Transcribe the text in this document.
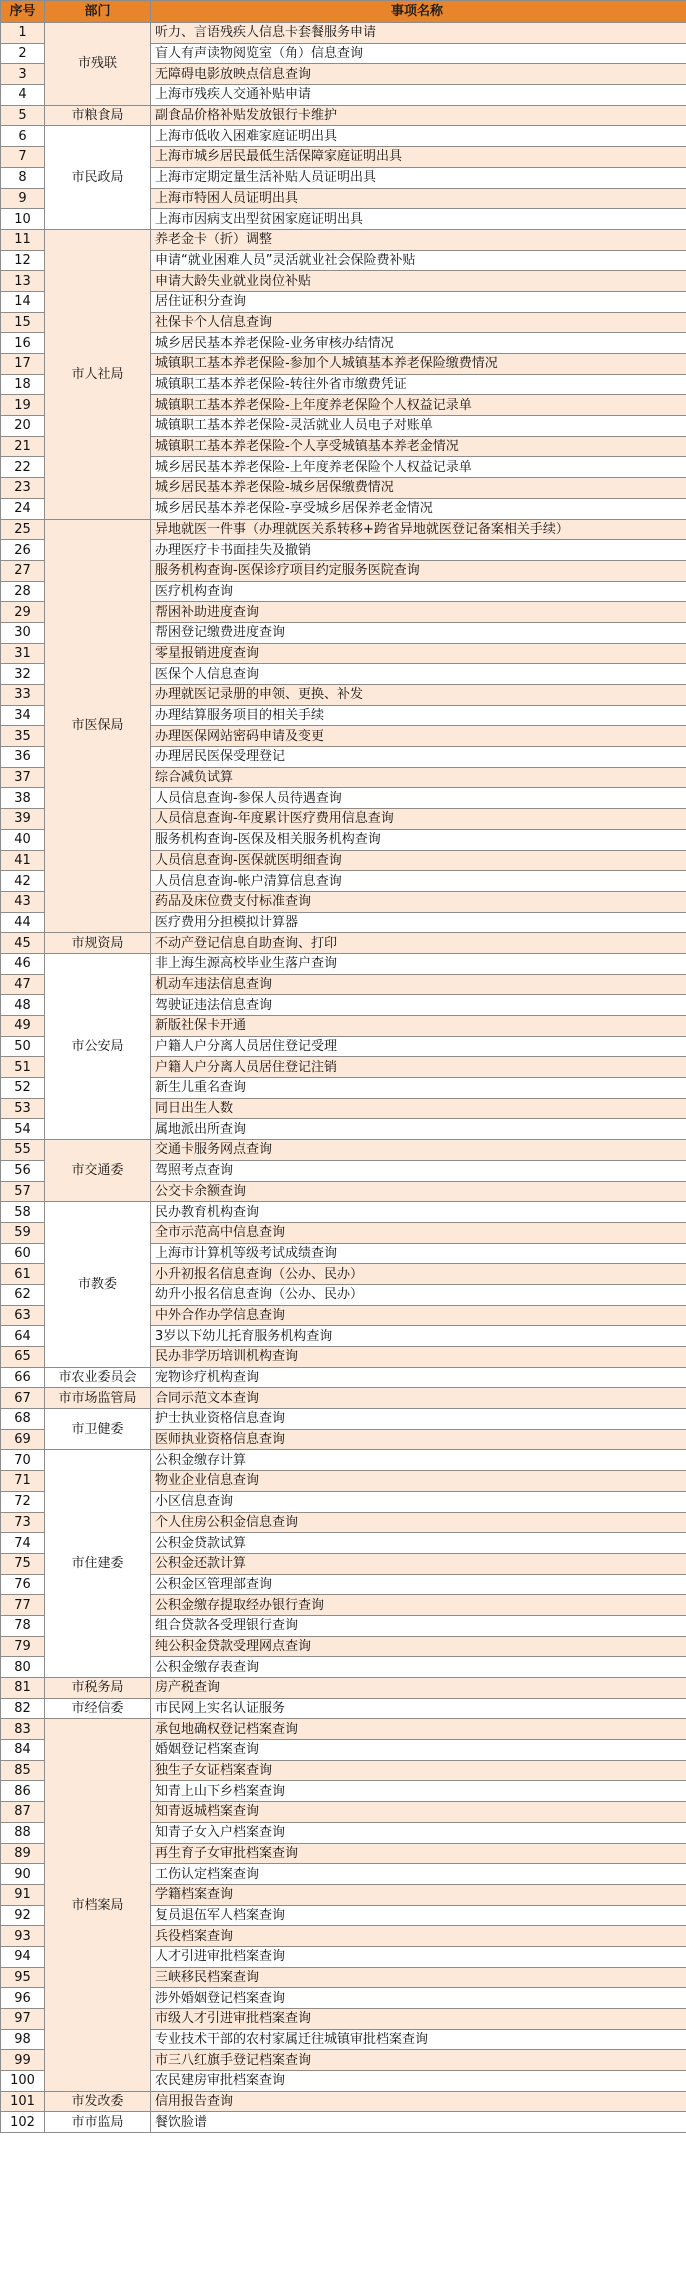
序号	部门	事项名称
1	市残联	听力、言语残疾人信息卡套餐服务申请
2		盲人有声读物阅览室（角）信息查询
3		无障碍电影放映点信息查询
4		上海市残疾人交通补贴申请
5	市粮食局	副食品价格补贴发放银行卡维护
6	市民政局	上海市低收入困难家庭证明出具
7		上海市城乡居民最低生活保障家庭证明出具
8		上海市定期定量生活补贴人员证明出具
9		上海市特困人员证明出具
10		上海市因病支出型贫困家庭证明出具
11	市人社局	养老金卡（折）调整
12		申请“就业困难人员”灵活就业社会保险费补贴
13		申请大龄失业就业岗位补贴
14		居住证积分查询
15		社保卡个人信息查询
16		城乡居民基本养老保险-业务审核办结情况
17		城镇职工基本养老保险-参加个人城镇基本养老保险缴费情况
18		城镇职工基本养老保险-转往外省市缴费凭证
19		城镇职工基本养老保险-上年度养老保险个人权益记录单
20		城镇职工基本养老保险-灵活就业人员电子对账单
21		城镇职工基本养老保险-个人享受城镇基本养老金情况
22		城乡居民基本养老保险-上年度养老保险个人权益记录单
23		城乡居民基本养老保险-城乡居保缴费情况
24		城乡居民基本养老保险-享受城乡居保养老金情况
25	市医保局	异地就医一件事（办理就医关系转移+跨省异地就医登记备案相关手续）
26		办理医疗卡书面挂失及撤销
27		服务机构查询-医保诊疗项目约定服务医院查询
28		医疗机构查询
29		帮困补助进度查询
30		帮困登记缴费进度查询
31		零星报销进度查询
32		医保个人信息查询
33		办理就医记录册的申领、更换、补发
34		办理结算服务项目的相关手续
35		办理医保网站密码申请及变更
36		办理居民医保受理登记
37		综合减负试算
38		人员信息查询-参保人员待遇查询
39		人员信息查询-年度累计医疗费用信息查询
40		服务机构查询-医保及相关服务机构查询
41		人员信息查询-医保就医明细查询
42		人员信息查询-帐户清算信息查询
43		药品及床位费支付标准查询
44		医疗费用分担模拟计算器
45	市规资局	不动产登记信息自助查询、打印
46	市公安局	非上海生源高校毕业生落户查询
47		机动车违法信息查询
48		驾驶证违法信息查询
49		新版社保卡开通
50		户籍人户分离人员居住登记受理
51		户籍人户分离人员居住登记注销
52		新生儿重名查询
53		同日出生人数
54		属地派出所查询
55	市交通委	交通卡服务网点查询
56		驾照考点查询
57		公交卡余额查询
58	市教委	民办教育机构查询
59		全市示范高中信息查询
60		上海市计算机等级考试成绩查询
61		小升初报名信息查询（公办、民办）
62		幼升小报名信息查询（公办、民办）
63		中外合作办学信息查询
64		3岁以下幼儿托育服务机构查询
65		民办非学历培训机构查询
66	市农业委员会	宠物诊疗机构查询
67	市市场监管局	合同示范文本查询
68	市卫健委	护士执业资格信息查询
69		医师执业资格信息查询
70	市住建委	公积金缴存计算
71		物业企业信息查询
72		小区信息查询
73		个人住房公积金信息查询
74		公积金贷款试算
75		公积金还款计算
76		公积金区管理部查询
77		公积金缴存提取经办银行查询
78		组合贷款各受理银行查询
79		纯公积金贷款受理网点查询
80		公积金缴存表查询
81	市税务局	房产税查询
82	市经信委	市民网上实名认证服务
83	市档案局	承包地确权登记档案查询
84		婚姻登记档案查询
85		独生子女证档案查询
86		知青上山下乡档案查询
87		知青返城档案查询
88		知青子女入户档案查询
89		再生育子女审批档案查询
90		工伤认定档案查询
91		学籍档案查询
92		复员退伍军人档案查询
93		兵役档案查询
94		人才引进审批档案查询
95		三峡移民档案查询
96		涉外婚姻登记档案查询
97		市级人才引进审批档案查询
98		专业技术干部的农村家属迁往城镇审批档案查询
99		市三八红旗手登记档案查询
100		农民建房审批档案查询
101	市发改委	信用报告查询
102	市市监局	餐饮脸谱
